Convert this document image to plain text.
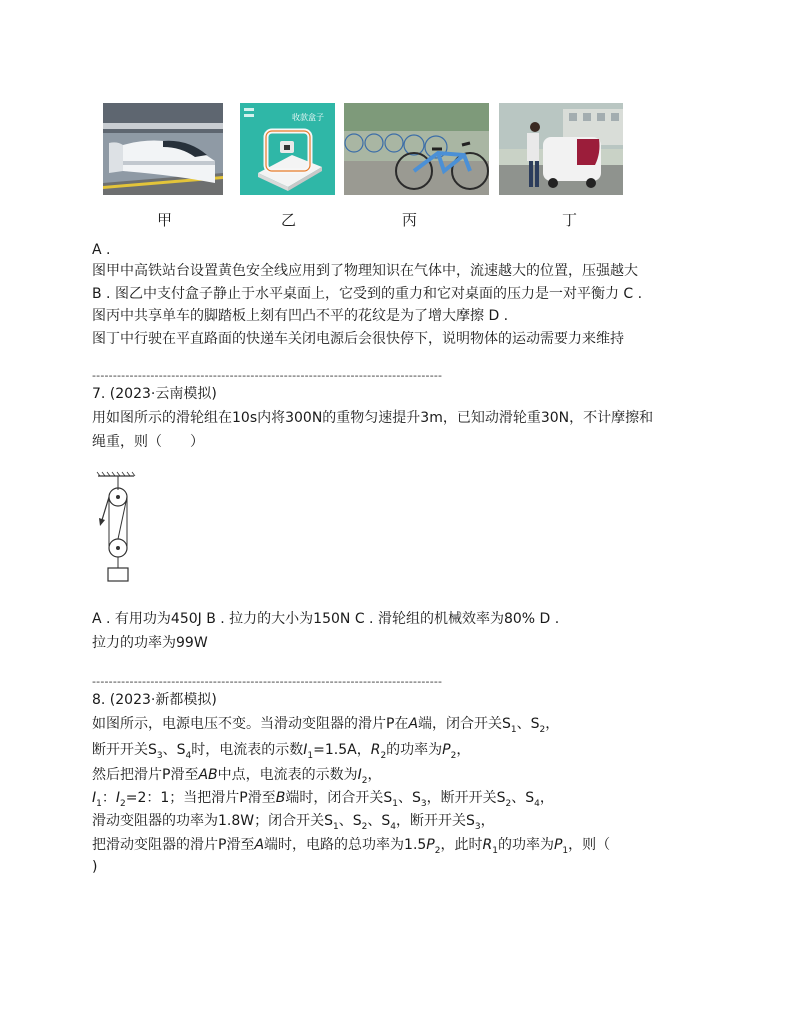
收款盒子
甲	乙	丙	丁
A .
图甲中高铁站台设置黄色安全线应用到了物理知识在气体中，流速越大的位置，压强越大
B . 图乙中支付盒子静止于水平桌面上，它受到的重力和它对桌面的压力是一对平衡力 C .
图丙中共享单车的脚踏板上刻有凹凸不平的花纹是为了增大摩擦 D .
图丁中行驶在平直路面的快递车关闭电源后会很快停下，说明物体的运动需要力来维持
------------------------------------------------------------------------------------
7. (2023·云南模拟)
用如图所示的滑轮组在10s内将300N的重物匀速提升3m，已知动滑轮重30N，不计摩擦和
绳重，则（　　）
A . 有用功为450J B . 拉力的大小为150N C . 滑轮组的机械效率为80% D .
拉力的功率为99W
------------------------------------------------------------------------------------
8. (2023·新都模拟)
如图所示，电源电压不变。当滑动变阻器的滑片P在A端，闭合开关$S_1$、$S_2$，
断开开关$S_3$、$S_4$时，电流表的示数$I_1=1.5A$，$R_2$的功率为$P_2$，
然后把滑片P滑至AB中点，电流表的示数为$I_2$，
$I_1$：$I_2=2$：1；当把滑片P滑至B端时，闭合开关$S_1$、$S_3$，断开开关$S_2$、$S_4$，
滑动变阻器的功率为1.8W；闭合开关$S_1$、$S_2$、$S_4$，断开开关$S_3$，
把滑动变阻器的滑片P滑至A端时，电路的总功率为$1.5P_2$，此时$R_1$的功率为$P_1$，则（
)
